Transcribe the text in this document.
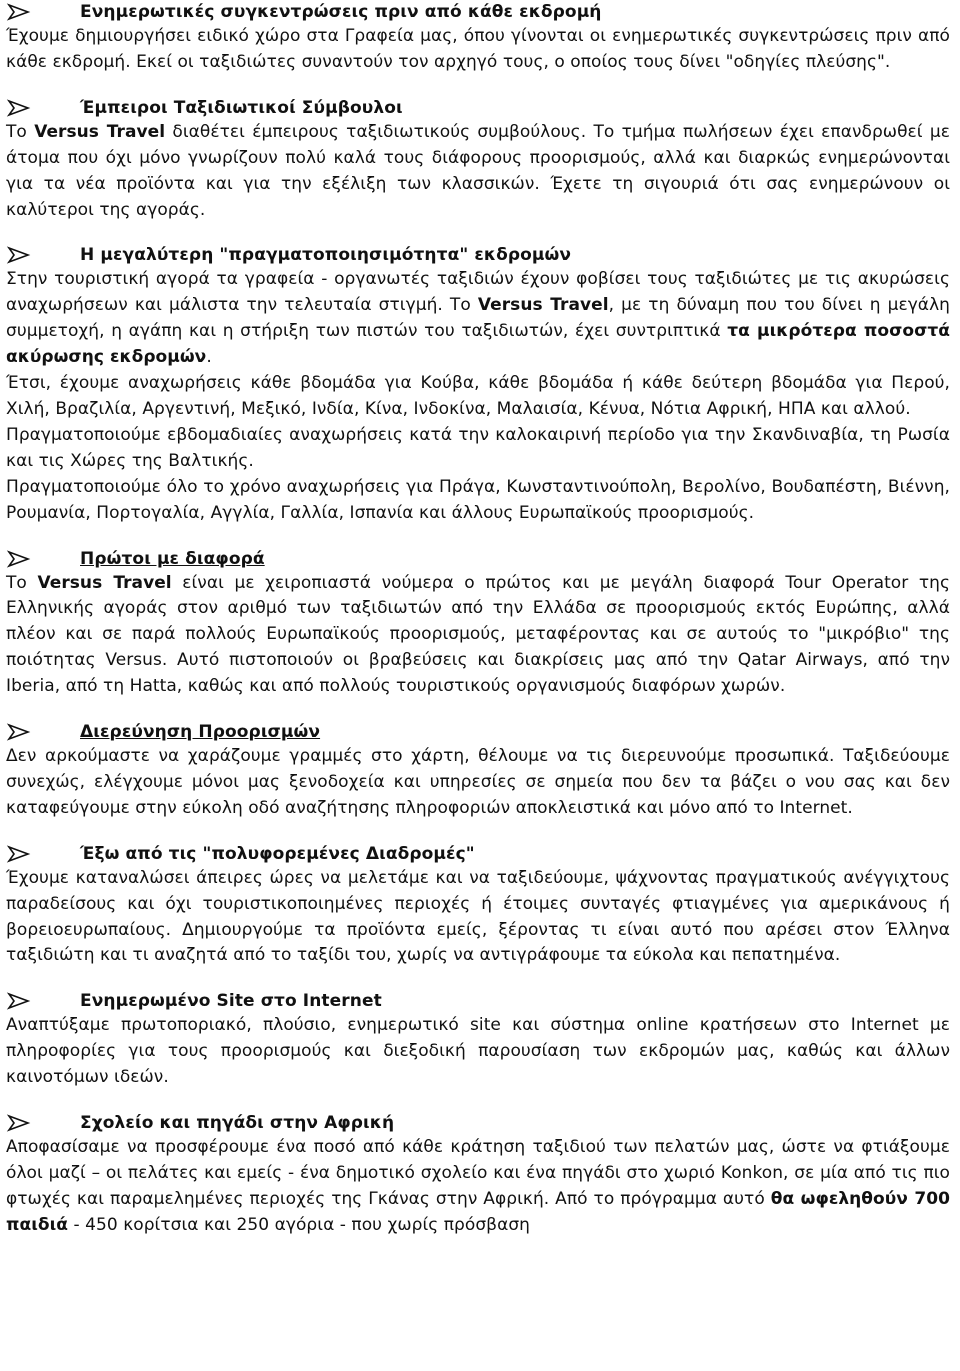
Ενημερωτικές συγκεντρώσεις πριν από κάθε εκδρομή

Έχουμε δημιουργήσει ειδικό χώρο στα Γραφεία μας, όπου γίνονται οι ενημερωτικές συγκεντρώσεις πριν από κάθε εκδρομή. Εκεί οι ταξιδιώτες συναντούν τον αρχηγό τους, ο οποίος τους δίνει "οδηγίες πλεύσης".

Έμπειροι Ταξιδιωτικοί Σύμβουλοι

Το Versus Travel διαθέτει έμπειρους ταξιδιωτικούς συμβούλους. Το τμήμα πωλήσεων έχει επανδρωθεί με άτομα που όχι μόνο γνωρίζουν πολύ καλά τους διάφορους προορισμούς, αλλά και διαρκώς ενημερώνονται για τα νέα προϊόντα και για την εξέλιξη των κλασσικών. Έχετε τη σιγουριά ότι σας ενημερώνουν οι καλύτεροι της αγοράς.

Η μεγαλύτερη "πραγματοποιησιμότητα" εκδρομών

Στην τουριστική αγορά τα γραφεία - οργανωτές ταξιδιών έχουν φοβίσει τους ταξιδιώτες με τις ακυρώσεις αναχωρήσεων και μάλιστα την τελευταία στιγμή. Το Versus Travel, με τη δύναμη που του δίνει η μεγάλη συμμετοχή, η αγάπη και η στήριξη των πιστών του ταξιδιωτών, έχει συντριπτικά τα μικρότερα ποσοστά ακύρωσης εκδρομών.

Έτσι, έχουμε αναχωρήσεις κάθε βδομάδα για Κούβα, κάθε βδομάδα ή κάθε δεύτερη βδομάδα για Περού, Χιλή, Βραζιλία, Αργεντινή, Μεξικό, Ινδία, Κίνα, Ινδοκίνα, Μαλαισία, Κένυα, Νότια Αφρική, ΗΠΑ και αλλού.

Πραγματοποιούμε εβδομαδιαίες αναχωρήσεις κατά την καλοκαιρινή περίοδο για την Σκανδιναβία, τη Ρωσία και τις Χώρες της Βαλτικής.

Πραγματοποιούμε όλο το χρόνο αναχωρήσεις για Πράγα, Κωνσταντινούπολη, Βερολίνο, Βουδαπέστη, Βιέννη, Ρουμανία, Πορτογαλία, Αγγλία, Γαλλία, Ισπανία και άλλους Ευρωπαϊκούς προορισμούς.

Πρώτοι με διαφορά

Το Versus Travel είναι με χειροπιαστά νούμερα ο πρώτος και με μεγάλη διαφορά Tour Operator της Ελληνικής αγοράς στον αριθμό των ταξιδιωτών από την Ελλάδα σε προορισμούς εκτός Ευρώπης, αλλά πλέον και σε παρά πολλούς Ευρωπαϊκούς προορισμούς, μεταφέροντας και σε αυτούς το "μικρόβιο" της ποιότητας Versus. Αυτό πιστοποιούν οι βραβεύσεις και διακρίσεις μας από την Qatar Airways, από την Iberia, από τη Hatta, καθώς και από πολλούς τουριστικούς οργανισμούς διαφόρων χωρών.

Διερεύνηση Προορισμών

Δεν αρκούμαστε να χαράζουμε γραμμές στο χάρτη, θέλουμε να τις διερευνούμε προσωπικά. Ταξιδεύουμε συνεχώς, ελέγχουμε μόνοι μας ξενοδοχεία και υπηρεσίες σε σημεία που δεν τα βάζει ο νου σας και δεν καταφεύγουμε στην εύκολη οδό αναζήτησης πληροφοριών αποκλειστικά και μόνο από το Internet.

Έξω από τις "πολυφορεμένες Διαδρομές"

Έχουμε καταναλώσει άπειρες ώρες να μελετάμε και να ταξιδεύουμε, ψάχνοντας πραγματικούς ανέγγιχτους παραδείσους και όχι τουριστικοποιημένες περιοχές ή έτοιμες συνταγές φτιαγμένες για αμερικάνους ή βορειοευρωπαίους. Δημιουργούμε τα προϊόντα εμείς, ξέροντας τι είναι αυτό που αρέσει στον Έλληνα ταξιδιώτη και τι αναζητά από το ταξίδι του, χωρίς να αντιγράφουμε τα εύκολα και πεπατημένα.

Ενημερωμένο Site στο Internet

Αναπτύξαμε πρωτοποριακό, πλούσιο, ενημερωτικό site και σύστημα online κρατήσεων στο Internet με πληροφορίες για τους προορισμούς και διεξοδική παρουσίαση των εκδρομών μας, καθώς και άλλων καινοτόμων ιδεών.

Σχολείο και πηγάδι στην Αφρική

Αποφασίσαμε να προσφέρουμε ένα ποσό από κάθε κράτηση ταξιδιού των πελατών μας, ώστε να φτιάξουμε όλοι μαζί – οι πελάτες και εμείς - ένα δημοτικό σχολείο και ένα πηγάδι στο χωριό Konkon, σε μία από τις πιο φτωχές και παραμελημένες περιοχές της Γκάνας στην Αφρική. Από το πρόγραμμα αυτό θα ωφεληθούν 700 παιδιά - 450 κορίτσια και 250 αγόρια - που χωρίς πρόσβαση
